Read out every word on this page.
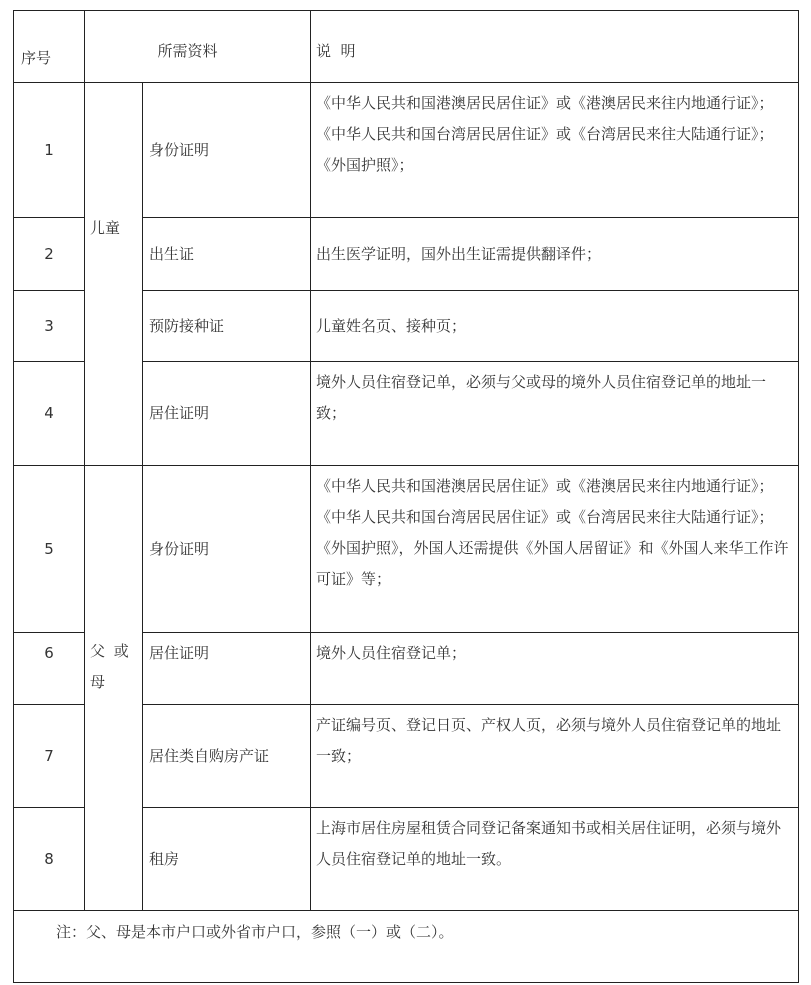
序号	所需资料		说  明
1	儿童	身份证明	《中华人民共和国港澳居民居住证》或《港澳居民来往内地通行证》；《中华人民共和国台湾居民居住证》或《台湾居民来往大陆通行证》；《外国护照》；
2		出生证	出生医学证明，国外出生证需提供翻译件；
3		预防接种证	儿童姓名页、接种页；
4		居住证明	境外人员住宿登记单，必须与父或母的境外人员住宿登记单的地址一致；
5	父 或 母	身份证明	《中华人民共和国港澳居民居住证》或《港澳居民来往内地通行证》；《中华人民共和国台湾居民居住证》或《台湾居民来往大陆通行证》；《外国护照》，外国人还需提供《外国人居留证》和《外国人来华工作许可证》等；
6		居住证明	境外人员住宿登记单；
7		居住类自购房产证	产证编号页、登记日页、产权人页，必须与境外人员住宿登记单的地址一致；
8		租房	上海市居住房屋租赁合同登记备案通知书或相关居住证明，必须与境外人员住宿登记单的地址一致。
注：父、母是本市户口或外省市户口，参照（一）或（二）。			
